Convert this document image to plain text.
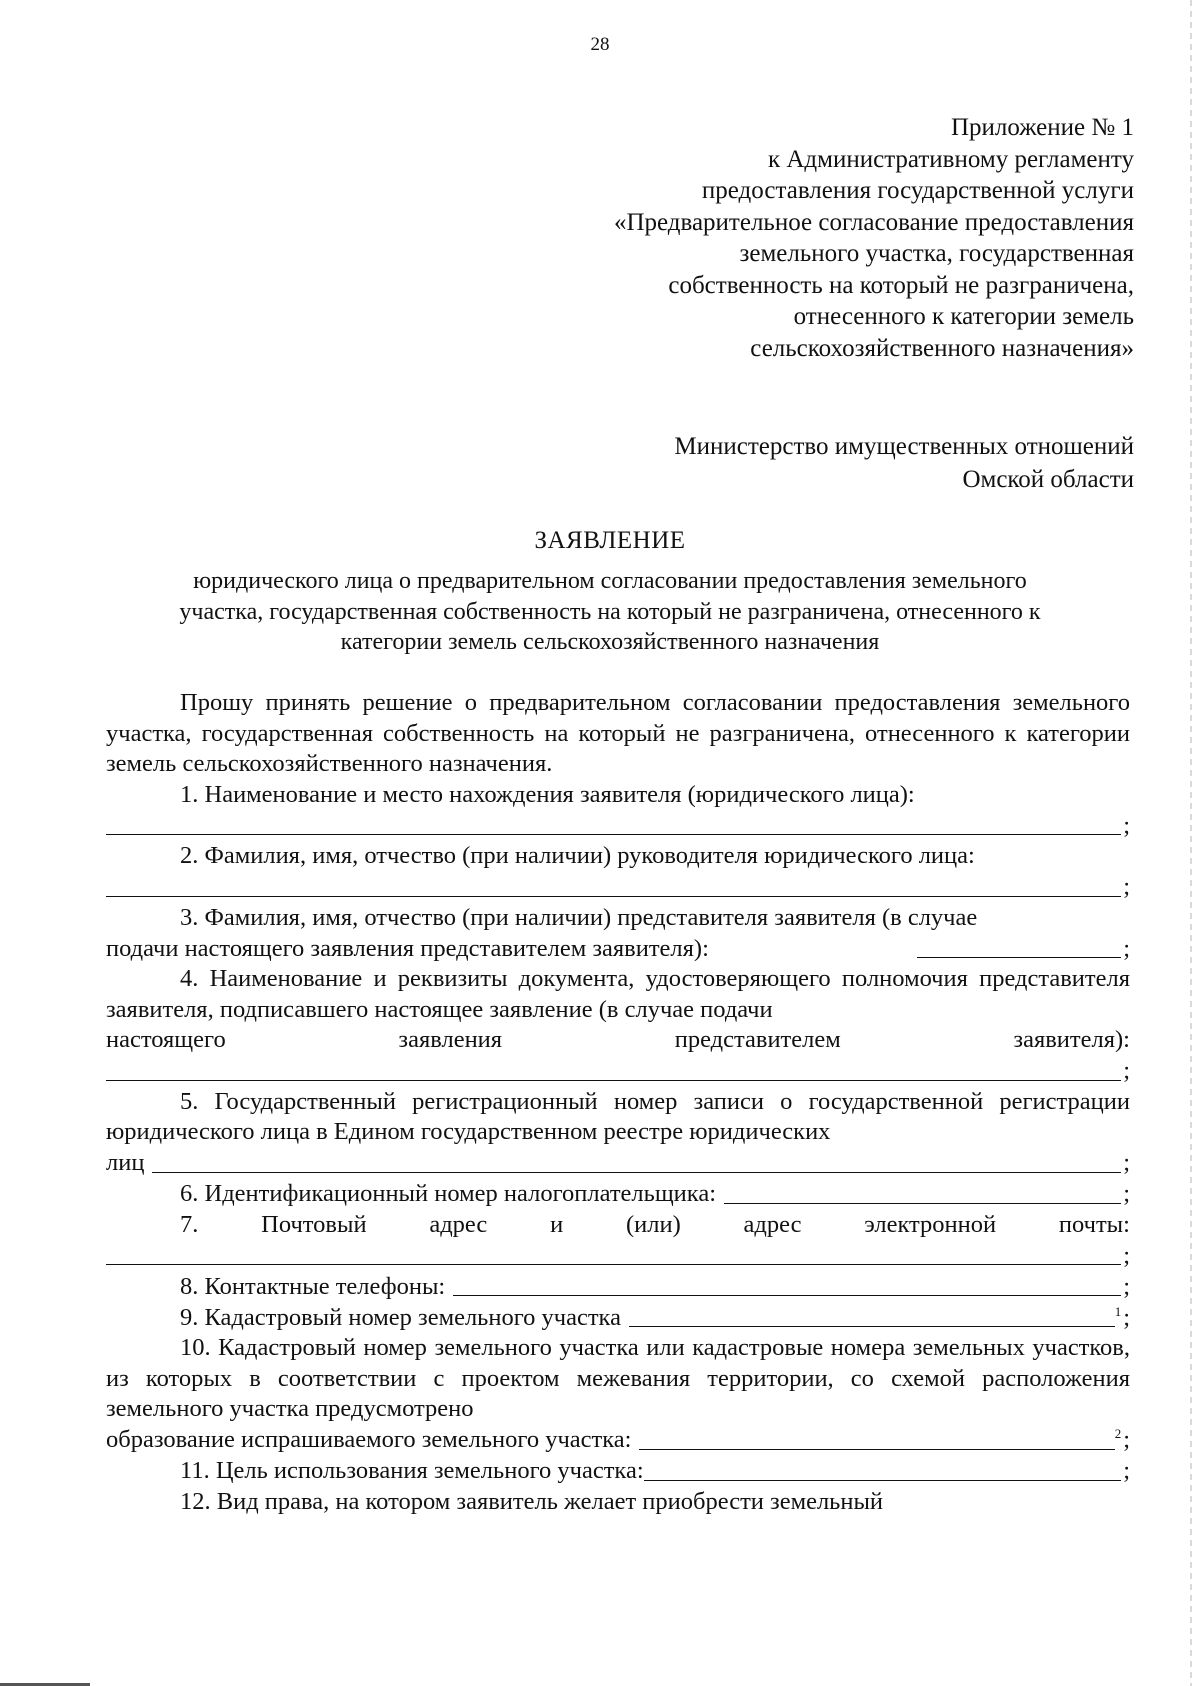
28
Приложение № 1
к Административному регламенту
предоставления государственной услуги
«Предварительное согласование предоставления
земельного участка, государственная
собственность на который не разграничена,
отнесенного к категории земель
сельскохозяйственного назначения»
Министерство имущественных отношений
Омской области
ЗАЯВЛЕНИЕ
юридического лица о предварительном согласовании предоставления земельного
участка, государственная собственность на который не разграничена, отнесенного к
категории земель сельскохозяйственного назначения

Прошу принять решение о предварительном согласовании предоставления земельного участка, государственная собственность на который не разграничена, отнесенного к категории земель сельскохозяйственного назначения.

1. Наименование и место нахождения заявителя (юридического лица):

;

2. Фамилия, имя, отчество (при наличии) руководителя юридического лица:

;

3. Фамилия, имя, отчество (при наличии) представителя заявителя (в случае

подачи настоящего заявления представителем заявителя):	;

4. Наименование и реквизиты документа, удостоверяющего полномочия представителя заявителя, подписавшего настоящее заявление (в случае подачи

настоящего	заявления	представителем	заявителя):
;

5. Государственный регистрационный номер записи о государственной регистрации юридического лица в Едином государственном реестре юридических

лиц	;
6. Идентификационный номер налогоплательщика:	;
7.	Почтовый	адрес	и	(или)	адрес	электронной	почты:
;
8. Контактные телефоны:	;
9. Кадастровый номер земельного участка	1 ;

10. Кадастровый номер земельного участка или кадастровые номера земельных участков, из которых в соответствии с проектом межевания территории, со схемой расположения земельного участка предусмотрено

образование испрашиваемого земельного участка:	2 ;
11. Цель использования земельного участка:	;

12. Вид права, на котором заявитель желает приобрести земельный
